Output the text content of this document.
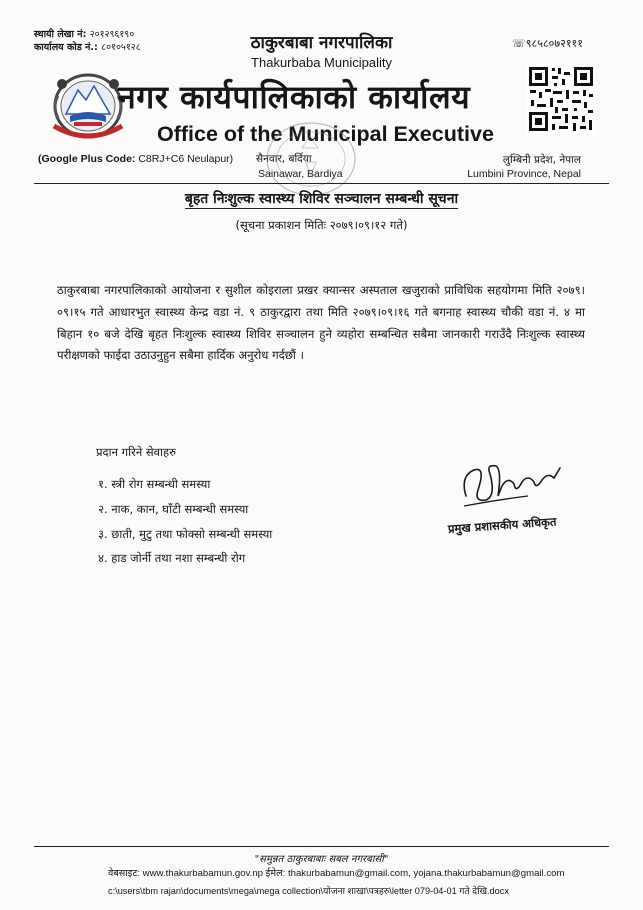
स्थायी लेखा नं: २०१२९६१९०
कार्यालय कोड नं.: ८०१०५१२८	☏९८५८०७२१११
ठाकुरबाबा नगरपालिका
Thakurbaba Municipality
नगर कार्यपालिकाको कार्यालय
Office of the Municipal Executive
(Google Plus Code: C8RJ+C6 Neulapur) सैनवार, बर्दिया
Sainawar, Bardiya
लुम्बिनी प्रदेश, नेपाल
Lumbini Province, Nepal
बृहत निःशुल्क स्वास्थ्य शिविर सञ्चालन सम्बन्धी सूचना
(सूचना प्रकाशन मितिः २०७९।०९।१२ गते)
ठाकुरबाबा नगरपालिकाको आयोजना र सुशील कोइराला प्रखर क्यान्सर अस्पताल खजुराको प्राविधिक सहयोगमा मिति २०७९।०९।१५ गते आधारभुत स्वास्थ्य केन्द्र वडा नं. ९ ठाकुरद्वारा तथा मिति २०७९।०९।१६ गते बगनाह स्वास्थ्य चौकी वडा नं. ४ मा बिहान १० बजे देखि बृहत निःशुल्क स्वास्थ्य शिविर सञ्चालन हुने व्यहोरा सम्बन्धित सबैमा जानकारी गराउँदै निःशुल्क स्वास्थ्य परीक्षणको फाईदा उठाउनुहुन सबैमा हार्दिक अनुरोध गर्दछौं ।
प्रदान गरिने सेवाहरु
१. स्त्री रोग सम्बन्धी समस्या
२. नाक, कान, घाँटी सम्बन्धी समस्या
३. छाती, मुटु तथा फोक्सो सम्बन्धी समस्या
४. हाड जोर्नी तथा नशा सम्बन्धी रोग
प्रमुख प्रशासकीय अधिकृत
"समुन्नत ठाकुरबाबाः सबल नगरबासी"
वेबसाइट: www.thakurbabamun.gov.np ईमेल: thakurbabamun@gmail.com, yojana.thakurbabamun@gmail.com
c:\users\tbm rajan\documents\mega\mega collection\योजना शाखा\पत्रहरु\letter 079-04-01 गते देखि.docx
